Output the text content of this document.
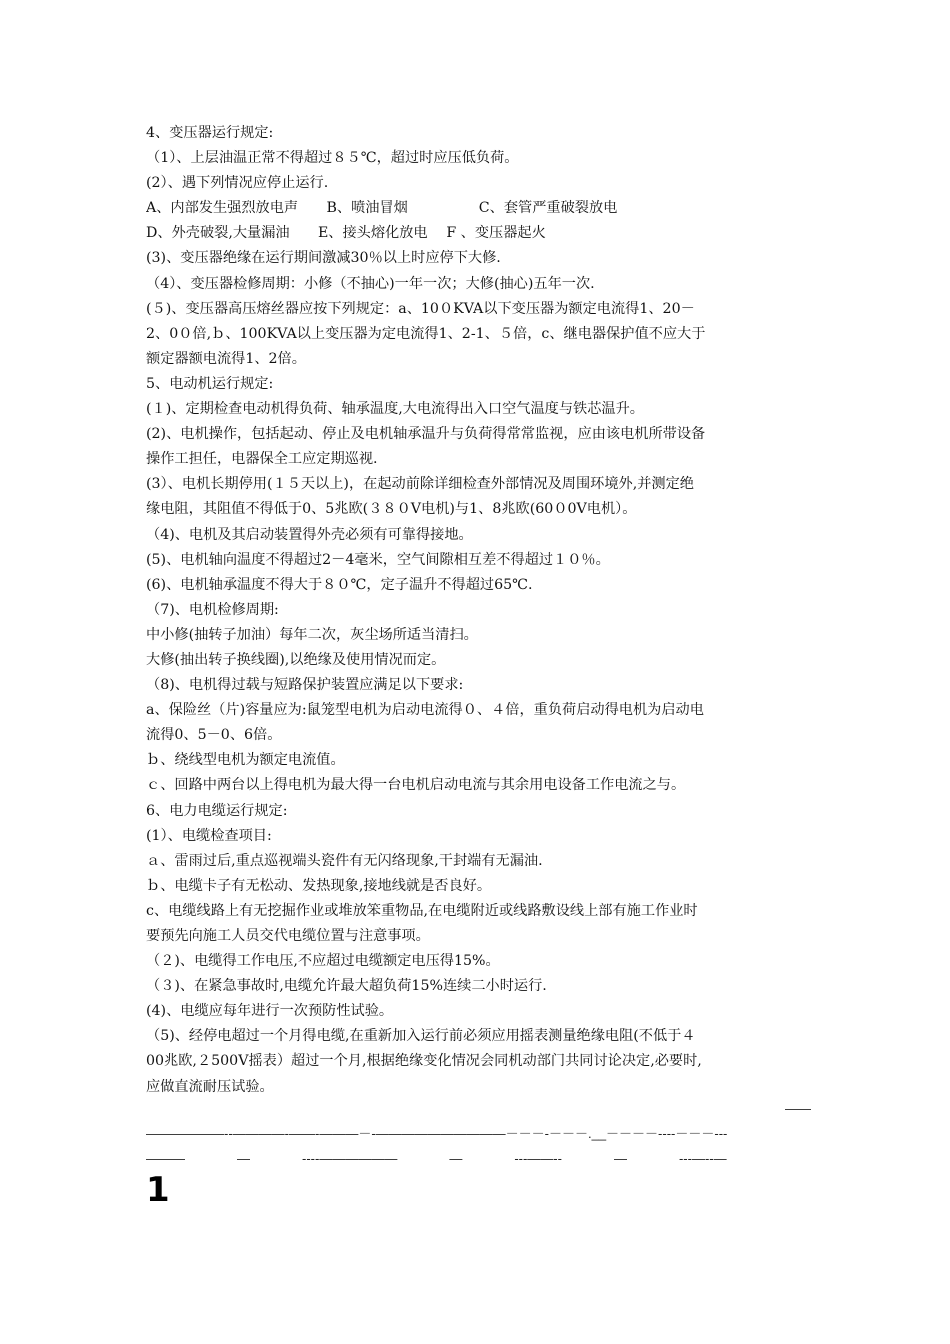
4、变压器运行规定:
（1）、上层油温正常不得超过８５℃，超过时应压低负荷。
(2）、遇下列情况应停止运行.
A、内部发生强烈放电声　　B、喷油冒烟　　　　　C、套管严重破裂放电
D、外壳破裂,大量漏油　　E、接头熔化放电　 F 、变压器起火
(3)、变压器绝缘在运行期间激减30％以上时应停下大修.
（4）、变压器检修周期：小修（不抽心)一年一次；大修(抽心)五年一次.
(５)、变压器高压熔丝器应按下列规定：a、10０KVA以下变压器为额定电流得1、20－
2、0０倍,ｂ、100KVA以上变压器为定电流得1、2-1、５倍，c、继电器保护值不应大于
额定器额电流得1、2倍。
5、电动机运行规定:
(１)、定期检查电动机得负荷、轴承温度,大电流得出入口空气温度与铁芯温升。
(2)、电机操作，包括起动、停止及电机轴承温升与负荷得常常监视，应由该电机所带设备
操作工担任，电器保全工应定期巡视.
(3）、电机长期停用(１５天以上)，在起动前除详细检查外部情况及周围环境外,并测定绝
缘电阻，其阻值不得低于0、5兆欧(３８０V电机)与1、8兆欧(60０0V电机）。
（4)、电机及其启动装置得外壳必须有可靠得接地。
(5)、电机轴向温度不得超过2－4毫米，空气间隙相互差不得超过１０％。
(6)、电机轴承温度不得大于８０℃，定子温升不得超过65℃.
（7)、电机检修周期:
中小修(抽转子加油）每年二次，灰尘场所适当清扫。
大修(抽出转子换线圈),以绝缘及使用情况而定。
（8)、电机得过载与短路保护装置应满足以下要求:
a、保险丝（片)容量应为:鼠笼型电机为启动电流得０、４倍，重负荷启动得电机为启动电
流得0、5－0、6倍。
ｂ、绕线型电机为额定电流值。
ｃ、回路中两台以上得电机为最大得一台电机启动电流与其余用电设备工作电流之与。
6、电力电缆运行规定:
(1）、电缆检查项目:
ａ、雷雨过后,重点巡视端头瓷件有无闪络现象,干封端有无漏油.
ｂ、电缆卡子有无松动、发热现象,接地线就是否良好。
c、电缆线路上有无挖掘作业或堆放笨重物品,在电缆附近或线路敷设线上部有施工作业时
要预先向施工人员交代电缆位置与注意事项。
（２)、电缆得工作电压,不应超过电缆额定电压得15%。
（３)、在紧急事故时,电缆允许最大超负荷15%连续二小时运行.
(4)、电缆应每年进行一次预防性试验。
（5)、经停电超过一个月得电缆,在重新加入运行前必须应用摇表测量绝缘电阻(不低于４
00兆欧,２500V摇表）超过一个月,根据绝缘变化情况会同机动部门共同讨论决定,必要时,
应做直流耐压试验。
——
——————--————-——-———－-——————————－－－-－－－.__－－－－----－－－---
———　　　　—　　　　----——————　　　　—　　　　---——--　　　　—　　　　---—--—
1
